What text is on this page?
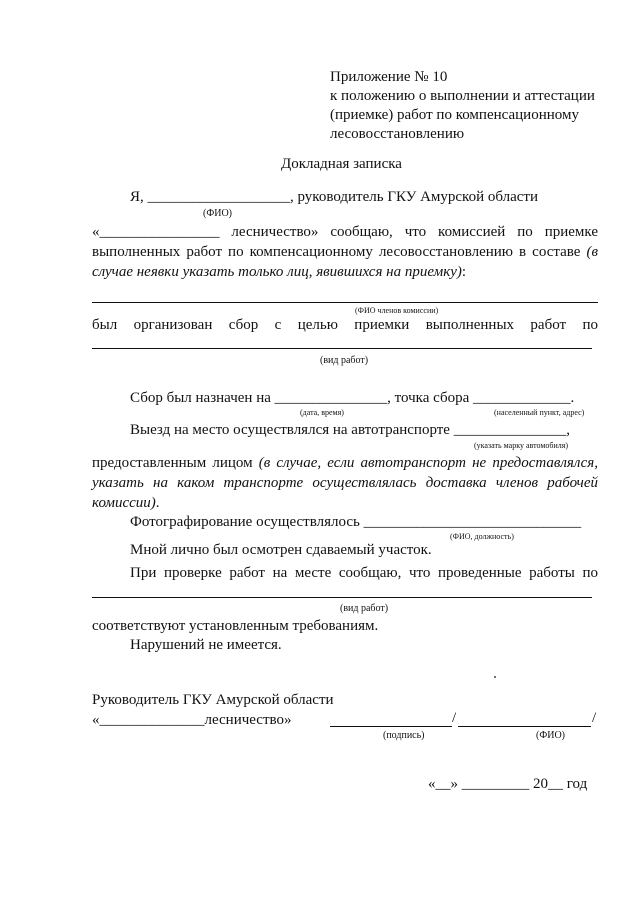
Приложение № 10
к положению о выполнении и аттестации
(приемке) работ по компенсационному
лесовосстановлению
Докладная записка
Я, ___________________, руководитель ГКУ Амурской области
(ФИО)
«________________ лесничество» сообщаю, что комиссией по приемке
выполненных работ по компенсационному лесовосстановлению в составе (в
случае неявки указать только лиц, явившихся на приемку):
(ФИО членов комиссии)
был организован сбор с целью приемки выполненных работ по
(вид работ)
Сбор был назначен на _______________, точка сбора _____________.
(дата, время)	(населенный пункт, адрес)
Выезд на место осуществлялся на автотранспорте _______________,
(указать марку автомобиля)
предоставленным лицом (в случае, если автотранспорт не предоставлялся,
указать на каком транспорте осуществлялась доставка членов рабочей
комиссии).
Фотографирование осуществлялось _____________________________
(ФИО, должность)
Мной лично был осмотрен сдаваемый участок.
При проверке работ на месте сообщаю, что проведенные работы по
(вид работ)
соответствуют установленным требованиям.
Нарушений не имеется.
Руководитель ГКУ Амурской области
«______________лесничество»	/	/
(подпись)	(ФИО)
«__» _________ 20__ год
